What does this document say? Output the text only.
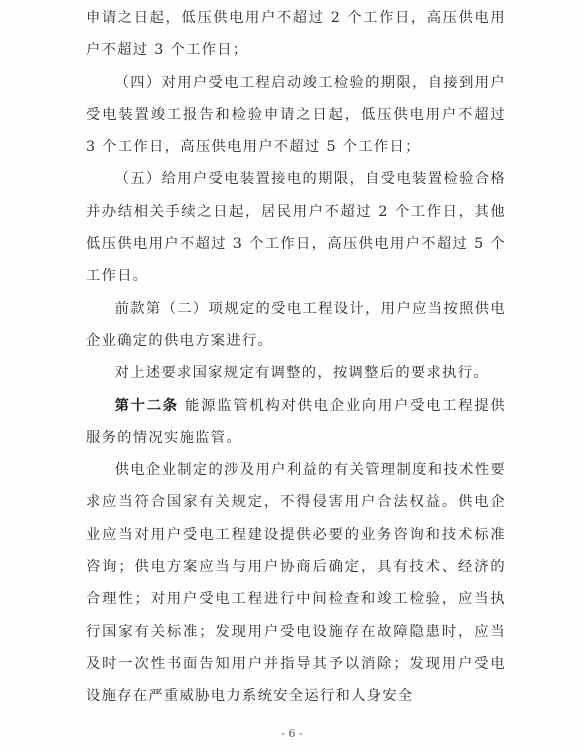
申请之日起，低压供电用户不超过 2 个工作日，高压供电用户不超过 3 个工作日；

（四）对用户受电工程启动竣工检验的期限，自接到用户受电装置竣工报告和检验申请之日起，低压供电用户不超过 3 个工作日，高压供电用户不超过 5 个工作日；

（五）给用户受电装置接电的期限，自受电装置检验合格并办结相关手续之日起，居民用户不超过 2 个工作日，其他低压供电用户不超过 3 个工作日，高压供电用户不超过 5 个工作日。

前款第（二）项规定的受电工程设计，用户应当按照供电企业确定的供电方案进行。

对上述要求国家规定有调整的，按调整后的要求执行。

第十二条 能源监管机构对供电企业向用户受电工程提供服务的情况实施监管。

供电企业制定的涉及用户利益的有关管理制度和技术性要求应当符合国家有关规定，不得侵害用户合法权益。供电企业应当对用户受电工程建设提供必要的业务咨询和技术标准咨询；供电方案应当与用户协商后确定，具有技术、经济的合理性；对用户受电工程进行中间检查和竣工检验，应当执行国家有关标准；发现用户受电设施存在故障隐患时，应当及时一次性书面告知用户并指导其予以消除；发现用户受电设施存在严重威胁电力系统安全运行和人身安全

- 6 -
